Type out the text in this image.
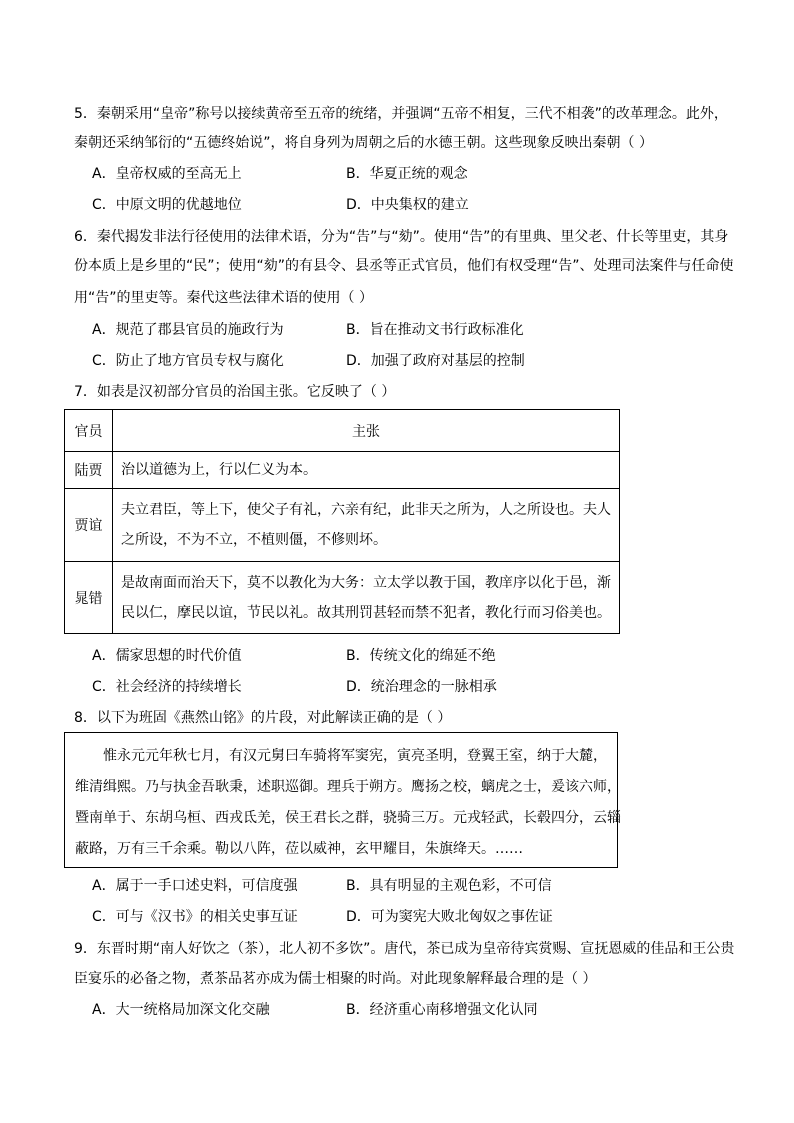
5．秦朝采用“皇帝”称号以接续黄帝至五帝的统绪，并强调“五帝不相复，三代不相袭”的改革理念。此外，
秦朝还采纳邹衍的“五德终始说”，将自身列为周朝之后的水德王朝。这些现象反映出秦朝（ ）
A．皇帝权威的至高无上	B．华夏正统的观念
C．中原文明的优越地位	D．中央集权的建立
6．秦代揭发非法行径使用的法律术语，分为“告”与“劾”。使用“告”的有里典、里父老、什长等里吏，其身
份本质上是乡里的“民”；使用“劾”的有县令、县丞等正式官员，他们有权受理“告”、处理司法案件与任命使
用“告”的里吏等。秦代这些法律术语的使用（ ）
A．规范了郡县官员的施政行为	B．旨在推动文书行政标准化
C．防止了地方官员专权与腐化	D．加强了政府对基层的控制
7．如表是汉初部分官员的治国主张。它反映了（ ）
官员	主张
陆贾	治以道德为上，行以仁义为本。

贾谊	夫立君臣，等上下，使父子有礼，六亲有纪，此非天之所为，人之所设也。夫人
之所设，不为不立，不植则僵，不修则坏。

晁错	是故南面而治天下，莫不以教化为大务：立太学以教于国，教庠序以化于邑，渐
民以仁，摩民以谊，节民以礼。故其刑罚甚轻而禁不犯者，教化行而习俗美也。
A．儒家思想的时代价值	B．传统文化的绵延不绝
C．社会经济的持续增长	D．统治理念的一脉相承
8．以下为班固《燕然山铭》的片段，对此解读正确的是（ ）
惟永元元年秋七月，有汉元舅曰车骑将军窦宪，寅亮圣明，登翼王室，纳于大麓，
维清缉熙。乃与执金吾耿秉，述职巡御。理兵于朔方。鹰扬之校，螭虎之士，爰该六师，
暨南单于、东胡乌桓、西戎氐羌，侯王君长之群，骁骑三万。元戎轻武，长毂四分，云辎
蔽路，万有三千余乘。勒以八阵，莅以威神，玄甲耀目，朱旗绛天。……
A．属于一手口述史料，可信度强	B．具有明显的主观色彩，不可信
C．可与《汉书》的相关史事互证	D．可为窦宪大败北匈奴之事佐证
9．东晋时期“南人好饮之（茶），北人初不多饮”。唐代，茶已成为皇帝待宾赏赐、宣抚恩威的佳品和王公贵
臣宴乐的必备之物，煮茶品茗亦成为儒士相聚的时尚。对此现象解释最合理的是（ ）
A．大一统格局加深文化交融	B．经济重心南移增强文化认同
